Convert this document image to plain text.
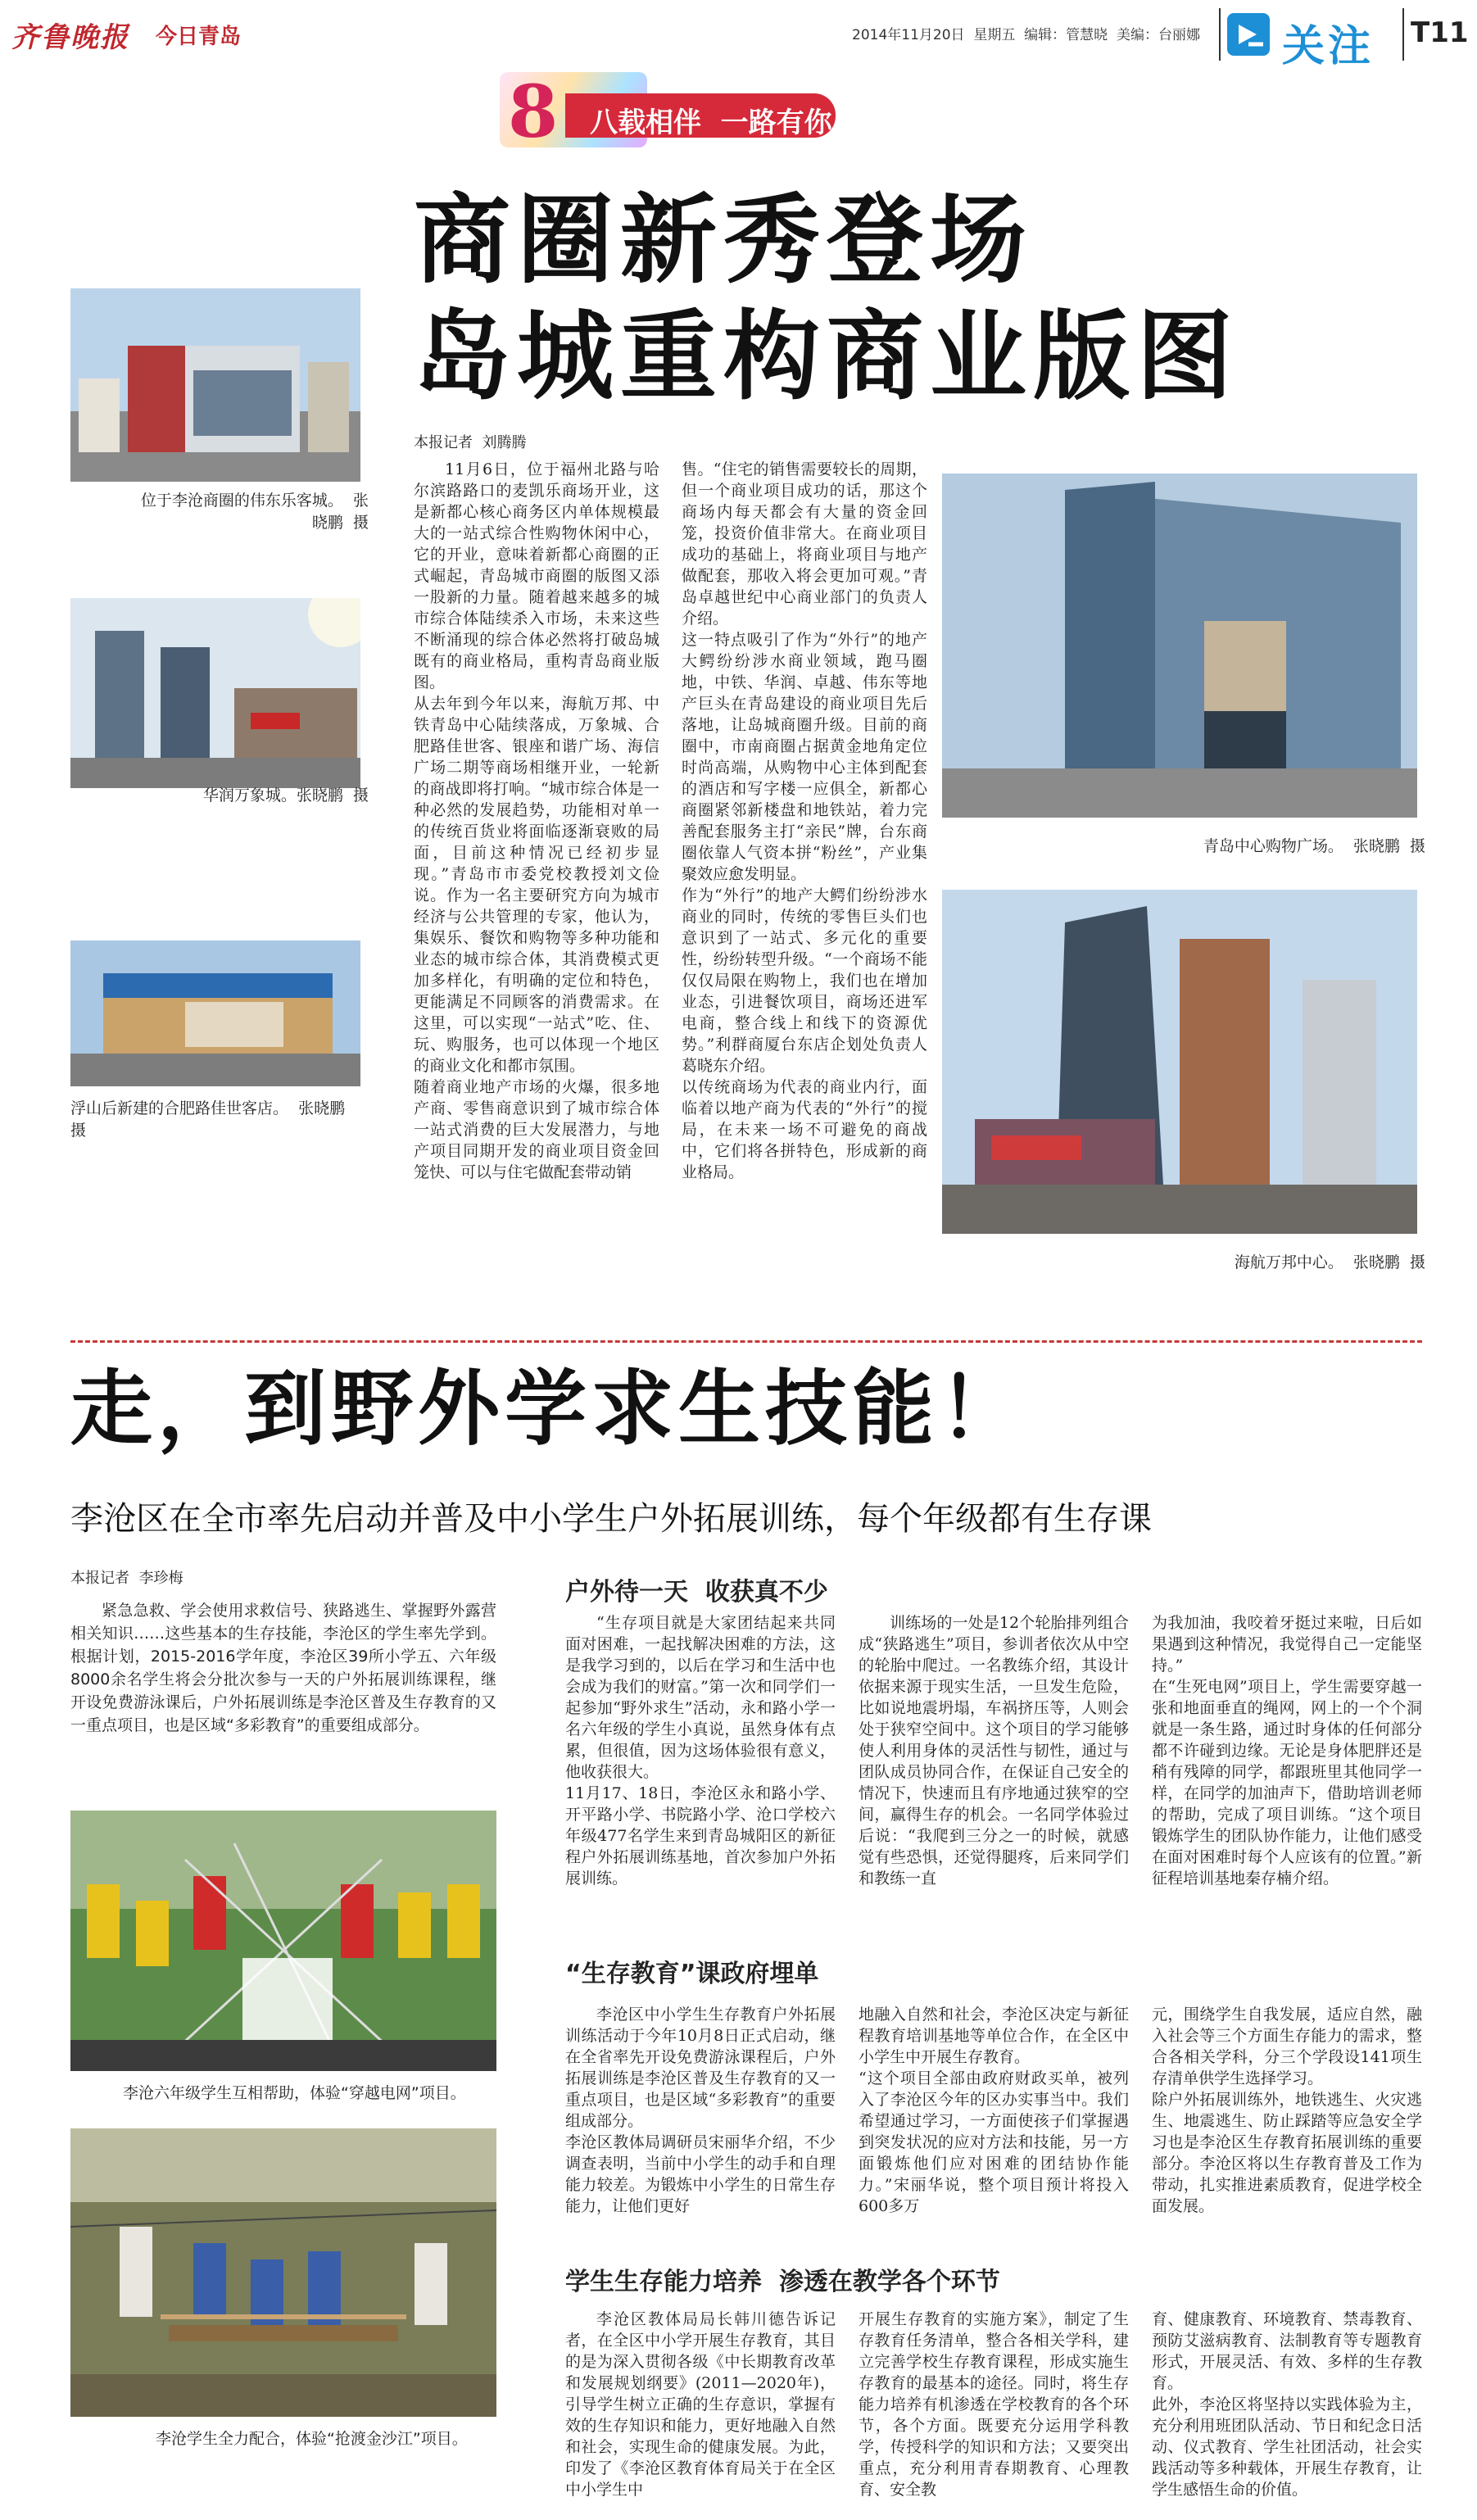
齐鲁晚报 今日青岛	2014年11月20日  星期五  编辑：管慧晓  美编：台丽娜 关注 T11
8 八载相伴  一路有你
商圈新秀登场
岛城重构商业版图
位于李沧商圈的伟东乐客城。  张晓鹏  摄
华润万象城。张晓鹏  摄
浮山后新建的合肥路佳世客店。  张晓鹏  摄
本报记者  刘腾腾
11月6日，位于福州北路与哈尔滨路路口的麦凯乐商场开业，这是新都心核心商务区内单体规模最大的一站式综合性购物休闲中心，它的开业，意味着新都心商圈的正式崛起，青岛城市商圈的版图又添一股新的力量。随着越来越多的城市综合体陆续杀入市场，未来这些不断涌现的综合体必然将打破岛城既有的商业格局，重构青岛商业版图。
从去年到今年以来，海航万邦、中铁青岛中心陆续落成，万象城、合肥路佳世客、银座和谐广场、海信广场二期等商场相继开业，一轮新的商战即将打响。“城市综合体是一种必然的发展趋势，功能相对单一的传统百货业将面临逐渐衰败的局面，目前这种情况已经初步显现。”青岛市市委党校教授刘文俭说。作为一名主要研究方向为城市经济与公共管理的专家，他认为，集娱乐、餐饮和购物等多种功能和业态的城市综合体，其消费模式更加多样化，有明确的定位和特色，更能满足不同顾客的消费需求。在这里，可以实现“一站式”吃、住、玩、购服务，也可以体现一个地区的商业文化和都市氛围。
随着商业地产市场的火爆，很多地产商、零售商意识到了城市综合体一站式消费的巨大发展潜力，与地产项目同期开发的商业项目资金回笼快、可以与住宅做配套带动销
售。“住宅的销售需要较长的周期，但一个商业项目成功的话，那这个商场内每天都会有大量的资金回笼，投资价值非常大。在商业项目成功的基础上，将商业项目与地产做配套，那收入将会更加可观。”青岛卓越世纪中心商业部门的负责人介绍。
这一特点吸引了作为“外行”的地产大鳄纷纷涉水商业领域，跑马圈地，中铁、华润、卓越、伟东等地产巨头在青岛建设的商业项目先后落地，让岛城商圈升级。目前的商圈中，市南商圈占据黄金地角定位时尚高端，从购物中心主体到配套的酒店和写字楼一应俱全，新都心商圈紧邻新楼盘和地铁站，着力完善配套服务主打“亲民”牌，台东商圈依靠人气资本拼“粉丝”，产业集聚效应愈发明显。
作为“外行”的地产大鳄们纷纷涉水商业的同时，传统的零售巨头们也意识到了一站式、多元化的重要性，纷纷转型升级。“一个商场不能仅仅局限在购物上，我们也在增加业态，引进餐饮项目，商场还进军电商，整合线上和线下的资源优势。”利群商厦台东店企划处负责人葛晓东介绍。
以传统商场为代表的商业内行，面临着以地产商为代表的“外行”的搅局，在未来一场不可避免的商战中，它们将各拼特色，形成新的商业格局。
青岛中心购物广场。  张晓鹏  摄
海航万邦中心。  张晓鹏  摄
走，到野外学求生技能！
李沧区在全市率先启动并普及中小学生户外拓展训练，每个年级都有生存课
本报记者  李珍梅

紧急急救、学会使用求救信号、狭路逃生、掌握野外露营相关知识……这些基本的生存技能，李沧区的学生率先学到。根据计划，2015-2016学年度，李沧区39所小学五、六年级8000余名学生将会分批次参与一天的户外拓展训练课程，继开设免费游泳课后，户外拓展训练是李沧区普及生存教育的又一重点项目，也是区域“多彩教育”的重要组成部分。

李沧六年级学生互相帮助，体验“穿越电网”项目。
李沧学生全力配合，体验“抢渡金沙江”项目。
户外待一天  收获真不少
“生存项目就是大家团结起来共同面对困难，一起找解决困难的方法，这是我学习到的，以后在学习和生活中也会成为我们的财富。”第一次和同学们一起参加“野外求生”活动，永和路小学一名六年级的学生小真说，虽然身体有点累，但很值，因为这场体验很有意义，他收获很大。
11月17、18日，李沧区永和路小学、开平路小学、书院路小学、沧口学校六年级477名学生来到青岛城阳区的新征程户外拓展训练基地，首次参加户外拓展训练。
训练场的一处是12个轮胎排列组合成“狭路逃生”项目，参训者依次从中空的轮胎中爬过。一名教练介绍，其设计依据来源于现实生活，一旦发生危险，比如说地震坍塌，车祸挤压等，人则会处于狭窄空间中。这个项目的学习能够使人利用身体的灵活性与韧性，通过与团队成员协同合作，在保证自己安全的情况下，快速而且有序地通过狭窄的空间，赢得生存的机会。一名同学体验过后说：“我爬到三分之一的时候，就感觉有些恐惧，还觉得腿疼，后来同学们和教练一直
为我加油，我咬着牙挺过来啦，日后如果遇到这种情况，我觉得自己一定能坚持。”
在“生死电网”项目上，学生需要穿越一张和地面垂直的绳网，网上的一个个洞就是一条生路，通过时身体的任何部分都不许碰到边缘。无论是身体肥胖还是稍有残障的同学，都跟班里其他同学一样，在同学的加油声下，借助培训老师的帮助，完成了项目训练。“这个项目锻炼学生的团队协作能力，让他们感受在面对困难时每个人应该有的位置。”新征程培训基地秦存楠介绍。
“生存教育”课政府埋单
李沧区中小学生生存教育户外拓展训练活动于今年10月8日正式启动，继在全省率先开设免费游泳课程后，户外拓展训练是李沧区普及生存教育的又一重点项目，也是区域“多彩教育”的重要组成部分。
李沧区教体局调研员宋丽华介绍，不少调查表明，当前中小学生的动手和自理能力较差。为锻炼中小学生的日常生存能力，让他们更好
地融入自然和社会，李沧区决定与新征程教育培训基地等单位合作，在全区中小学生中开展生存教育。
“这个项目全部由政府财政买单，被列入了李沧区今年的区办实事当中。我们希望通过学习，一方面使孩子们掌握遇到突发状况的应对方法和技能，另一方面锻炼他们应对困难的团结协作能力。”宋丽华说，整个项目预计将投入600多万
元，围绕学生自我发展，适应自然，融入社会等三个方面生存能力的需求，整合各相关学科，分三个学段设141项生存清单供学生选择学习。
除户外拓展训练外，地铁逃生、火灾逃生、地震逃生、防止踩踏等应急安全学习也是李沧区生存教育拓展训练的重要部分。李沧区将以生存教育普及工作为带动，扎实推进素质教育，促进学校全面发展。
学生生存能力培养  渗透在教学各个环节
李沧区教体局局长韩川德告诉记者，在全区中小学开展生存教育，其目的是为深入贯彻各级《中长期教育改革和发展规划纲要》(2011—2020年)，引导学生树立正确的生存意识，掌握有效的生存知识和能力，更好地融入自然和社会，实现生命的健康发展。为此，印发了《李沧区教育体育局关于在全区中小学生中
开展生存教育的实施方案》，制定了生存教育任务清单，整合各相关学科，建立完善学校生存教育课程，形成实施生存教育的最基本的途径。同时，将生存能力培养有机渗透在学校教育的各个环节，各个方面。既要充分运用学科教学，传授科学的知识和方法；又要突出重点，充分利用青春期教育、心理教育、安全教
育、健康教育、环境教育、禁毒教育、预防艾滋病教育、法制教育等专题教育形式，开展灵活、有效、多样的生存教育。
此外，李沧区将坚持以实践体验为主，充分利用班团队活动、节日和纪念日活动、仪式教育、学生社团活动，社会实践活动等多种载体，开展生存教育，让学生感悟生命的价值。
